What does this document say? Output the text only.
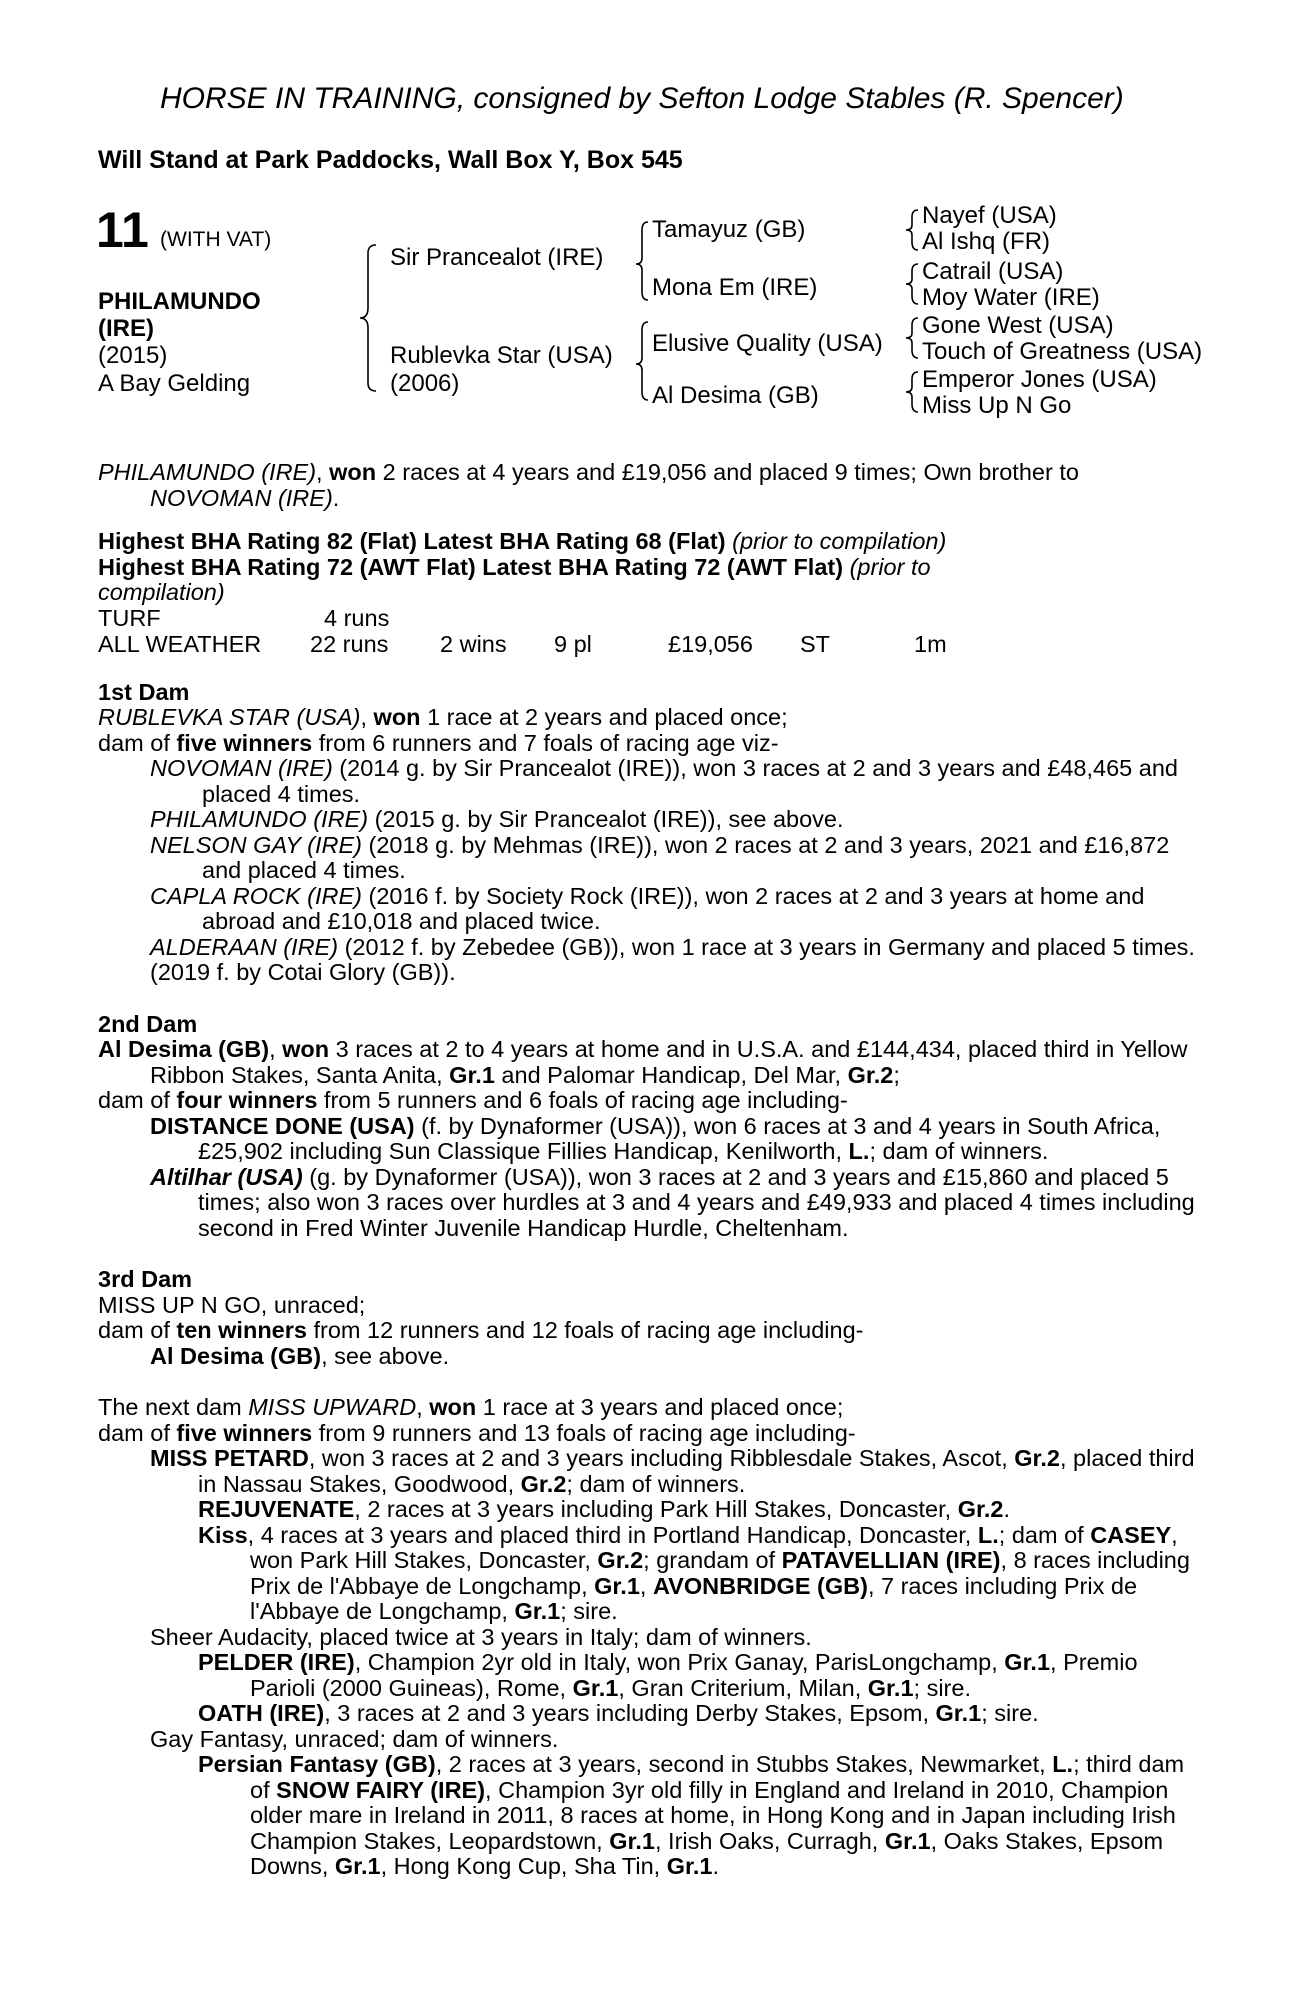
HORSE IN TRAINING, consigned by Sefton Lodge Stables (R. Spencer)
Will Stand at Park Paddocks, Wall Box Y, Box 545
11 (WITH VAT)
PHILAMUNDO
(IRE)
(2015)
A Bay Gelding
Sir Prancealot (IRE)
Rublevka Star (USA)
(2006)
Tamayuz (GB)
Mona Em (IRE)
Elusive Quality (USA)
Al Desima (GB)
Nayef (USA)
Al Ishq (FR)
Catrail (USA)
Moy Water (IRE)
Gone West (USA)
Touch of Greatness (USA)
Emperor Jones (USA)
Miss Up N Go

PHILAMUNDO (IRE), won 2 races at 4 years and £19,056 and placed 9 times; Own brother to NOVOMAN (IRE).

Highest BHA Rating 82 (Flat) Latest BHA Rating 68 (Flat) (prior to compilation)

Highest BHA Rating 72 (AWT Flat) Latest BHA Rating 72 (AWT Flat) (prior to

compilation)

TURF	4 runs
ALL WEATHER 22 runs 2 wins 9 pl	£19,056 ST	1m

1st Dam

RUBLEVKA STAR (USA), won 1 race at 2 years and placed once;

dam of five winners from 6 runners and 7 foals of racing age viz-

NOVOMAN (IRE) (2014 g. by Sir Prancealot (IRE)), won 3 races at 2 and 3 years and £48,465 and placed 4 times.

PHILAMUNDO (IRE) (2015 g. by Sir Prancealot (IRE)), see above.

NELSON GAY (IRE) (2018 g. by Mehmas (IRE)), won 2 races at 2 and 3 years, 2021 and £16,872 and placed 4 times.

CAPLA ROCK (IRE) (2016 f. by Society Rock (IRE)), won 2 races at 2 and 3 years at home and abroad and £10,018 and placed twice.

ALDERAAN (IRE) (2012 f. by Zebedee (GB)), won 1 race at 3 years in Germany and placed 5 times.

(2019 f. by Cotai Glory (GB)).

2nd Dam

Al Desima (GB), won 3 races at 2 to 4 years at home and in U.S.A. and £144,434, placed third in Yellow Ribbon Stakes, Santa Anita, Gr.1 and Palomar Handicap, Del Mar, Gr.2;

dam of four winners from 5 runners and 6 foals of racing age including-

DISTANCE DONE (USA) (f. by Dynaformer (USA)), won 6 races at 3 and 4 years in South Africa, £25,902 including Sun Classique Fillies Handicap, Kenilworth, L.; dam of winners.

Altilhar (USA) (g. by Dynaformer (USA)), won 3 races at 2 and 3 years and £15,860 and placed 5 times; also won 3 races over hurdles at 3 and 4 years and £49,933 and placed 4 times including second in Fred Winter Juvenile Handicap Hurdle, Cheltenham.

3rd Dam

MISS UP N GO, unraced;

dam of ten winners from 12 runners and 12 foals of racing age including-

Al Desima (GB), see above.

The next dam MISS UPWARD, won 1 race at 3 years and placed once;

dam of five winners from 9 runners and 13 foals of racing age including-

MISS PETARD, won 3 races at 2 and 3 years including Ribblesdale Stakes, Ascot, Gr.2, placed third in Nassau Stakes, Goodwood, Gr.2; dam of winners.

REJUVENATE, 2 races at 3 years including Park Hill Stakes, Doncaster, Gr.2.

Kiss, 4 races at 3 years and placed third in Portland Handicap, Doncaster, L.; dam of CASEY, won Park Hill Stakes, Doncaster, Gr.2; grandam of PATAVELLIAN (IRE), 8 races including Prix de l'Abbaye de Longchamp, Gr.1, AVONBRIDGE (GB), 7 races including Prix de l'Abbaye de Longchamp, Gr.1; sire.

Sheer Audacity, placed twice at 3 years in Italy; dam of winners.

PELDER (IRE), Champion 2yr old in Italy, won Prix Ganay, ParisLongchamp, Gr.1, Premio Parioli (2000 Guineas), Rome, Gr.1, Gran Criterium, Milan, Gr.1; sire.

OATH (IRE), 3 races at 2 and 3 years including Derby Stakes, Epsom, Gr.1; sire.

Gay Fantasy, unraced; dam of winners.

Persian Fantasy (GB), 2 races at 3 years, second in Stubbs Stakes, Newmarket, L.; third dam of SNOW FAIRY (IRE), Champion 3yr old filly in England and Ireland in 2010, Champion older mare in Ireland in 2011, 8 races at home, in Hong Kong and in Japan including Irish Champion Stakes, Leopardstown, Gr.1, Irish Oaks, Curragh, Gr.1, Oaks Stakes, Epsom Downs, Gr.1, Hong Kong Cup, Sha Tin, Gr.1.
